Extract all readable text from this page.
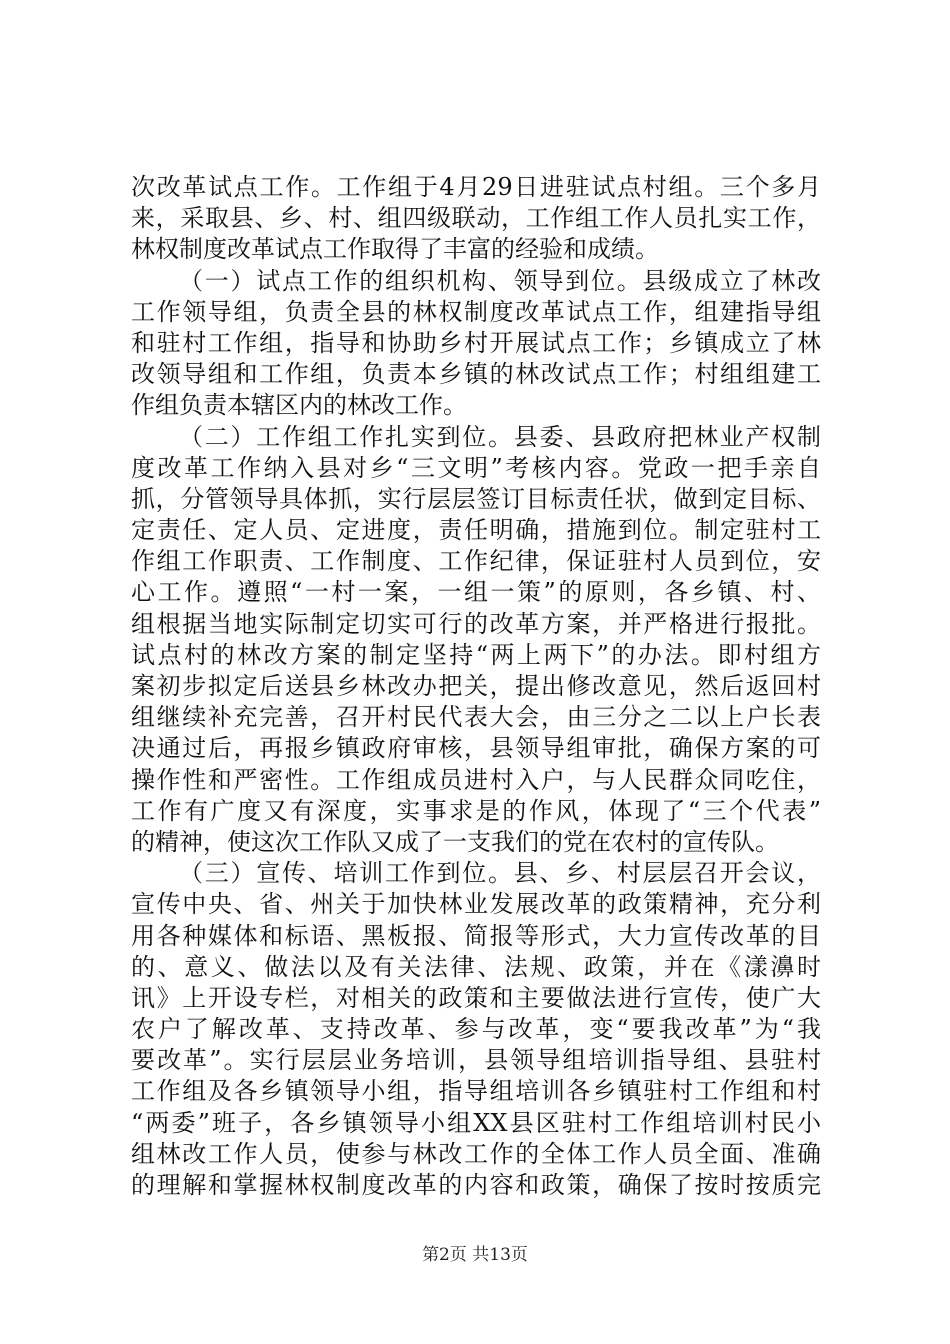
次改革试点工作。工作组于4月29日进驻试点村组。三个多月
来，采取县、乡、村、组四级联动，工作组工作人员扎实工作，
林权制度改革试点工作取得了丰富的经验和成绩。
（一）试点工作的组织机构、领导到位。县级成立了林改
工作领导组，负责全县的林权制度改革试点工作，组建指导组
和驻村工作组，指导和协助乡村开展试点工作；乡镇成立了林
改领导组和工作组，负责本乡镇的林改试点工作；村组组建工
作组负责本辖区内的林改工作。
（二）工作组工作扎实到位。县委、县政府把林业产权制
度改革工作纳入县对乡“三文明”考核内容。党政一把手亲自
抓，分管领导具体抓，实行层层签订目标责任状，做到定目标、
定责任、定人员、定进度，责任明确，措施到位。制定驻村工
作组工作职责、工作制度、工作纪律，保证驻村人员到位，安
心工作。遵照“一村一案，一组一策”的原则，各乡镇、村、
组根据当地实际制定切实可行的改革方案，并严格进行报批。
试点村的林改方案的制定坚持“两上两下”的办法。即村组方
案初步拟定后送县乡林改办把关，提出修改意见，然后返回村
组继续补充完善，召开村民代表大会，由三分之二以上户长表
决通过后，再报乡镇政府审核，县领导组审批，确保方案的可
操作性和严密性。工作组成员进村入户，与人民群众同吃住，
工作有广度又有深度，实事求是的作风，体现了“三个代表”
的精神，使这次工作队又成了一支我们的党在农村的宣传队。
（三）宣传、培训工作到位。县、乡、村层层召开会议，
宣传中央、省、州关于加快林业发展改革的政策精神，充分利
用各种媒体和标语、黑板报、简报等形式，大力宣传改革的目
的、意义、做法以及有关法律、法规、政策，并在《漾濞时
讯》上开设专栏，对相关的政策和主要做法进行宣传，使广大
农户了解改革、支持改革、参与改革，变“要我改革”为“我
要改革”。实行层层业务培训，县领导组培训指导组、县驻村
工作组及各乡镇领导小组，指导组培训各乡镇驻村工作组和村
“两委”班子，各乡镇领导小组XX县区驻村工作组培训村民小
组林改工作人员，使参与林改工作的全体工作人员全面、准确
的理解和掌握林权制度改革的内容和政策，确保了按时按质完
第2页 共13页
